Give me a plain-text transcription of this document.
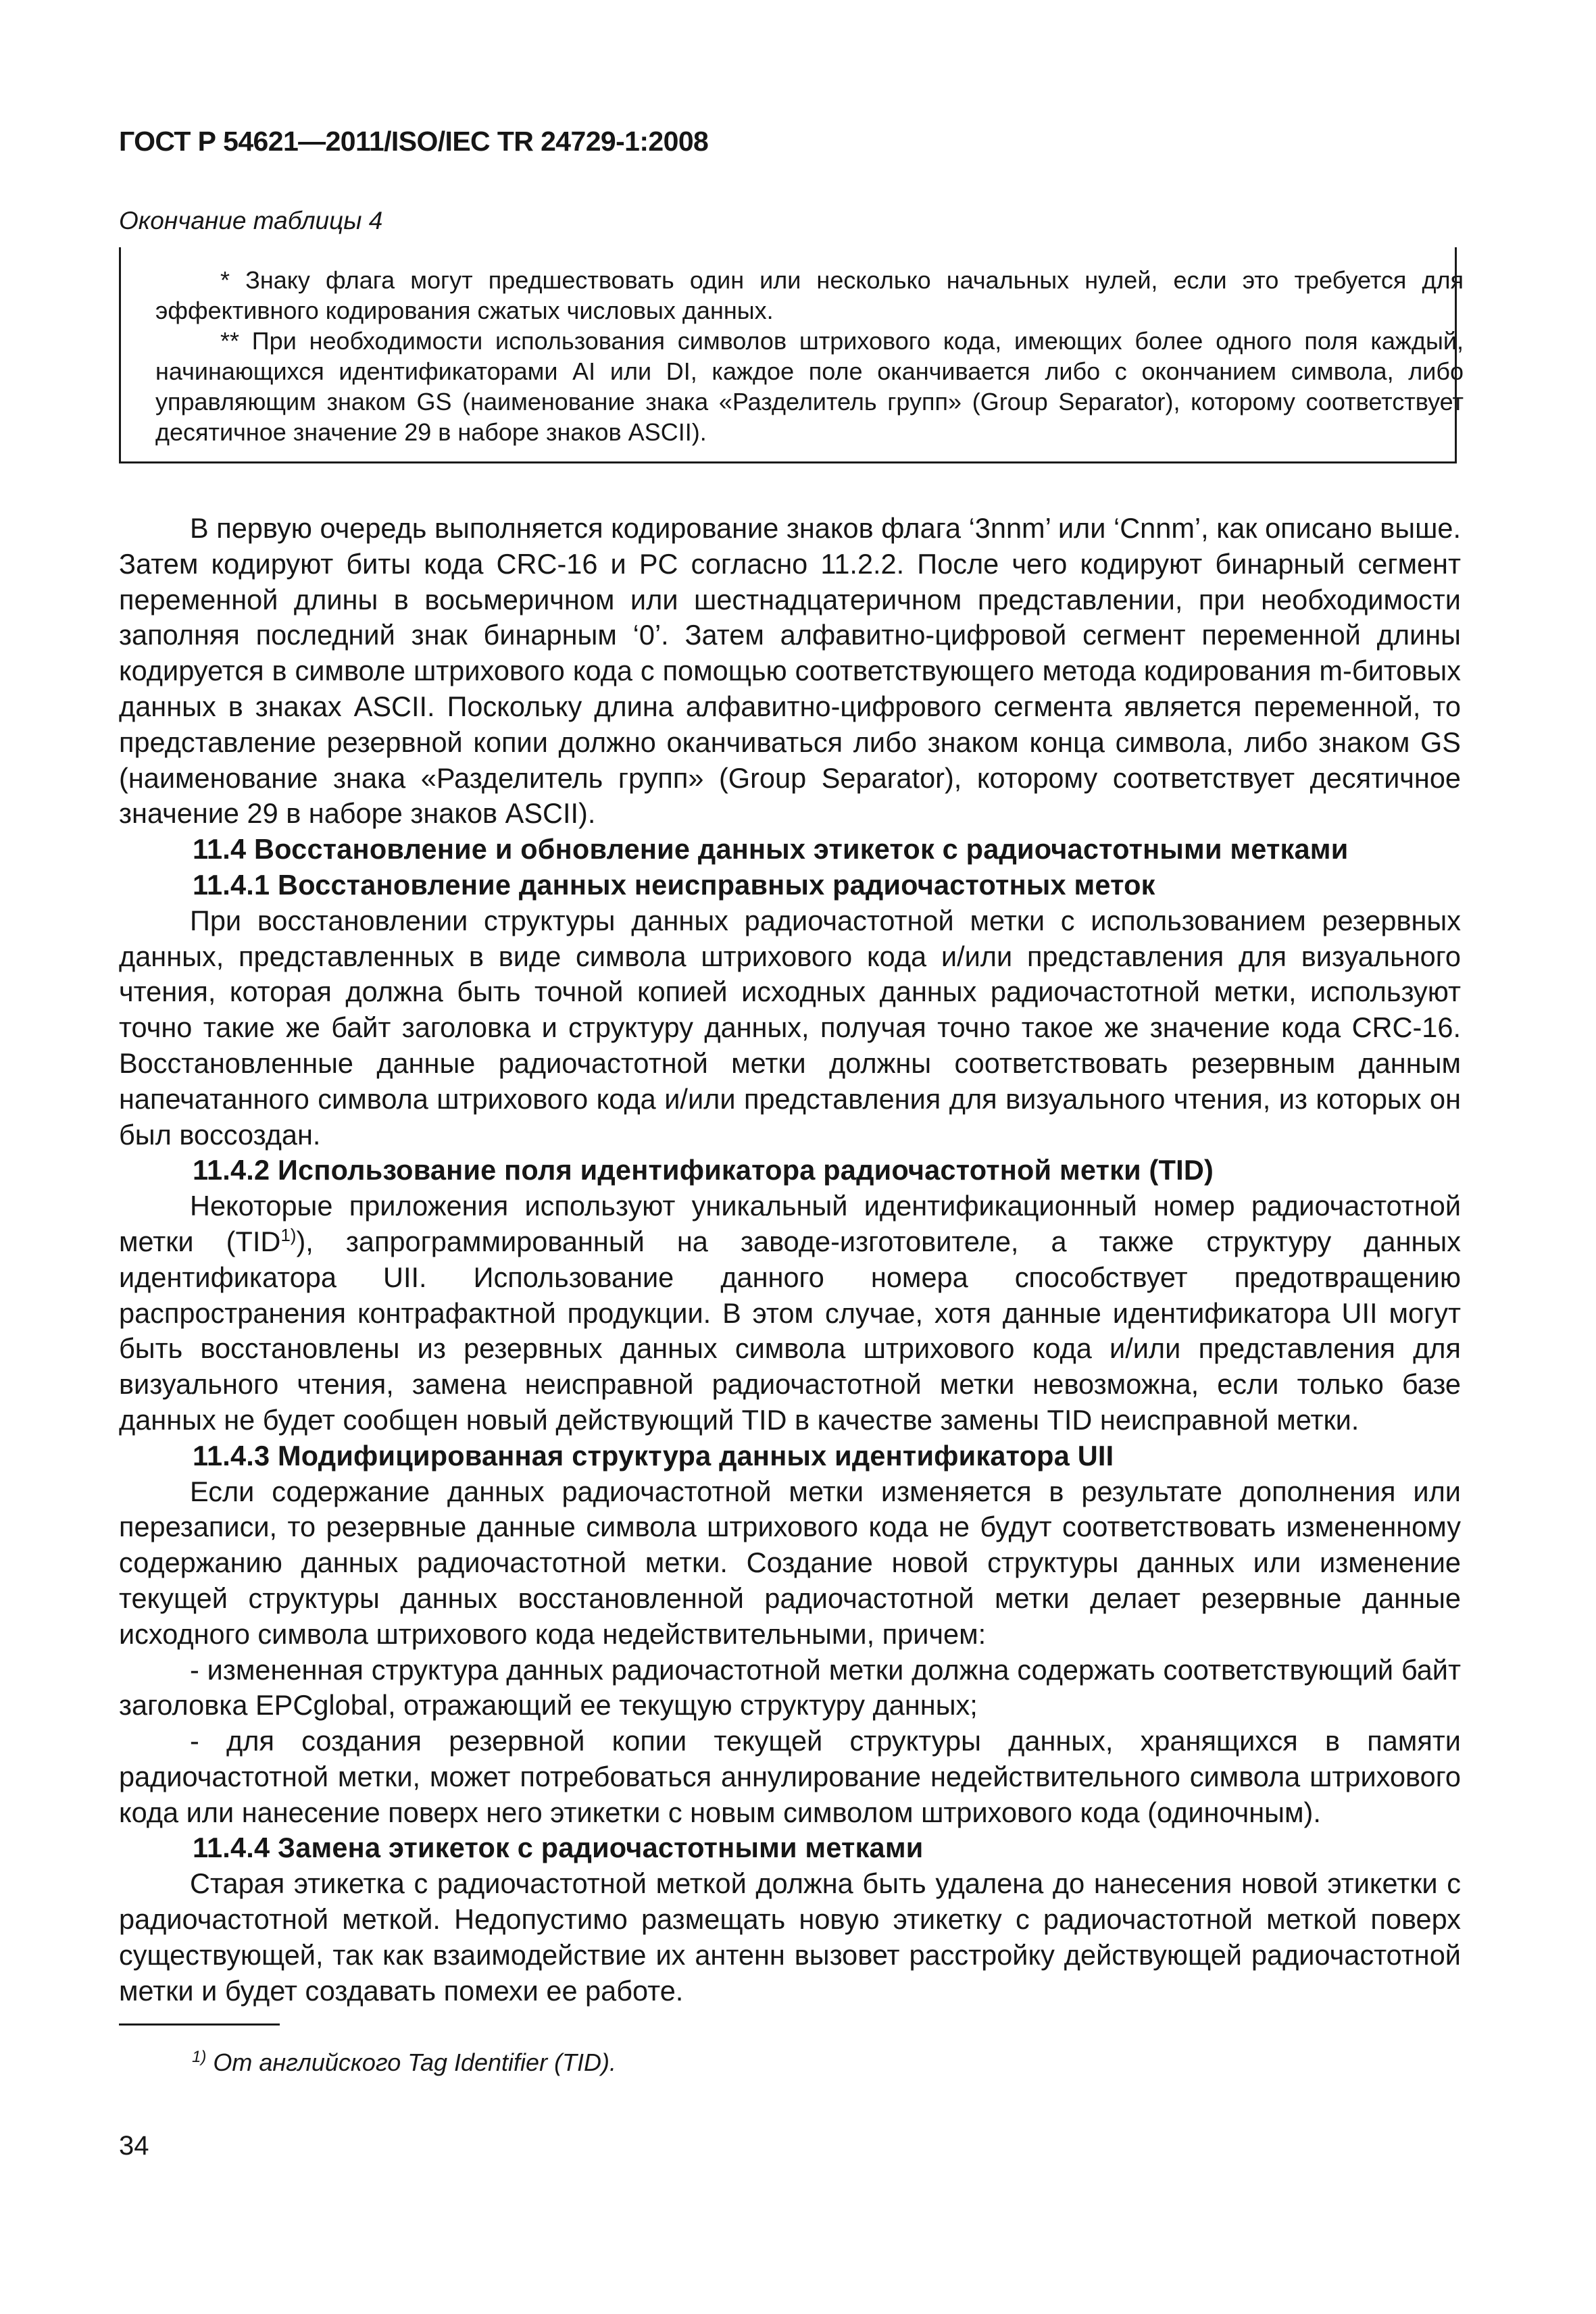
ГОСТ Р 54621—2011/ISO/IEC TR 24729-1:2008
Окончание таблицы 4
* Знаку флага могут предшествовать один или несколько начальных нулей, если это требуется для эффективного кодирования сжатых числовых данных.
** При необходимости использования символов штрихового кода, имеющих более одного поля каждый, начинающихся идентификаторами AI или DI, каждое поле оканчивается либо с окончанием символа, либо управляющим знаком GS (наименование знака «Разделитель групп» (Group Separator), которому соответствует десятичное значение 29 в наборе знаков ASCII).

В первую очередь выполняется кодирование знаков флага ‘3nnm’ или ‘Cnnm’, как описано выше. Затем кодируют биты кода CRC-16 и PC согласно 11.2.2. После чего кодируют бинарный сегмент переменной длины в восьмеричном или шестнадцатеричном представлении, при необходимости заполняя последний знак бинарным ‘0’. Затем алфавитно-цифровой сегмент переменной длины кодируется в символе штрихового кода с помощью соответствующего метода кодирования m-битовых данных в знаках ASCII. Поскольку длина алфавитно-цифрового сегмента является переменной, то представление резервной копии должно оканчиваться либо знаком конца символа, либо знаком GS (наименование знака «Разделитель групп» (Group Separator), которому соответствует десятичное значение 29 в наборе знаков ASCII).

11.4 Восстановление и обновление данных этикеток с радиочастотными метками

11.4.1 Восстановление данных неисправных радиочастотных меток

При восстановлении структуры данных радиочастотной метки с использованием резервных данных, представленных в виде символа штрихового кода и/или представления для визуального чтения, которая должна быть точной копией исходных данных радиочастотной метки, используют точно такие же байт заголовка и структуру данных, получая точно такое же значение кода CRC-16. Восстановленные данные радиочастотной метки должны соответствовать резервным данным напечатанного символа штрихового кода и/или представления для визуального чтения, из которых он был воссоздан.

11.4.2 Использование поля идентификатора радиочастотной метки (TID)

Некоторые приложения используют уникальный идентификационный номер радиочастотной метки (TID$^{1)}$), запрограммированный на заводе-изготовителе, а также структуру данных идентификатора UII. Использование данного номера способствует предотвращению распространения контрафактной продукции. В этом случае, хотя данные идентификатора UII могут быть восстановлены из резервных данных символа штрихового кода и/или представления для визуального чтения, замена неисправной радиочастотной метки невозможна, если только базе данных не будет сообщен новый действующий TID в качестве замены TID неисправной метки.

11.4.3 Модифицированная структура данных идентификатора UII

Если содержание данных радиочастотной метки изменяется в результате дополнения или перезаписи, то резервные данные символа штрихового кода не будут соответствовать измененному содержанию данных радиочастотной метки. Создание новой структуры данных или изменение текущей структуры данных восстановленной радиочастотной метки делает резервные данные исходного символа штрихового кода недействительными, причем:

- измененная структура данных радиочастотной метки должна содержать соответствующий байт заголовка EPCglobal, отражающий ее текущую структуру данных;

- для создания резервной копии текущей структуры данных, хранящихся в памяти радиочастотной метки, может потребоваться аннулирование недействительного символа штрихового кода или нанесение поверх него этикетки с новым символом штрихового кода (одиночным).

11.4.4 Замена этикеток с радиочастотными метками

Старая этикетка с радиочастотной меткой должна быть удалена до нанесения новой этикетки с радиочастотной меткой. Недопустимо размещать новую этикетку с радиочастотной меткой поверх существующей, так как взаимодействие их антенн вызовет расстройку действующей радиочастотной метки и будет создавать помехи ее работе.

$^{1)}$ От английского Tag Identifier (TID).
34
